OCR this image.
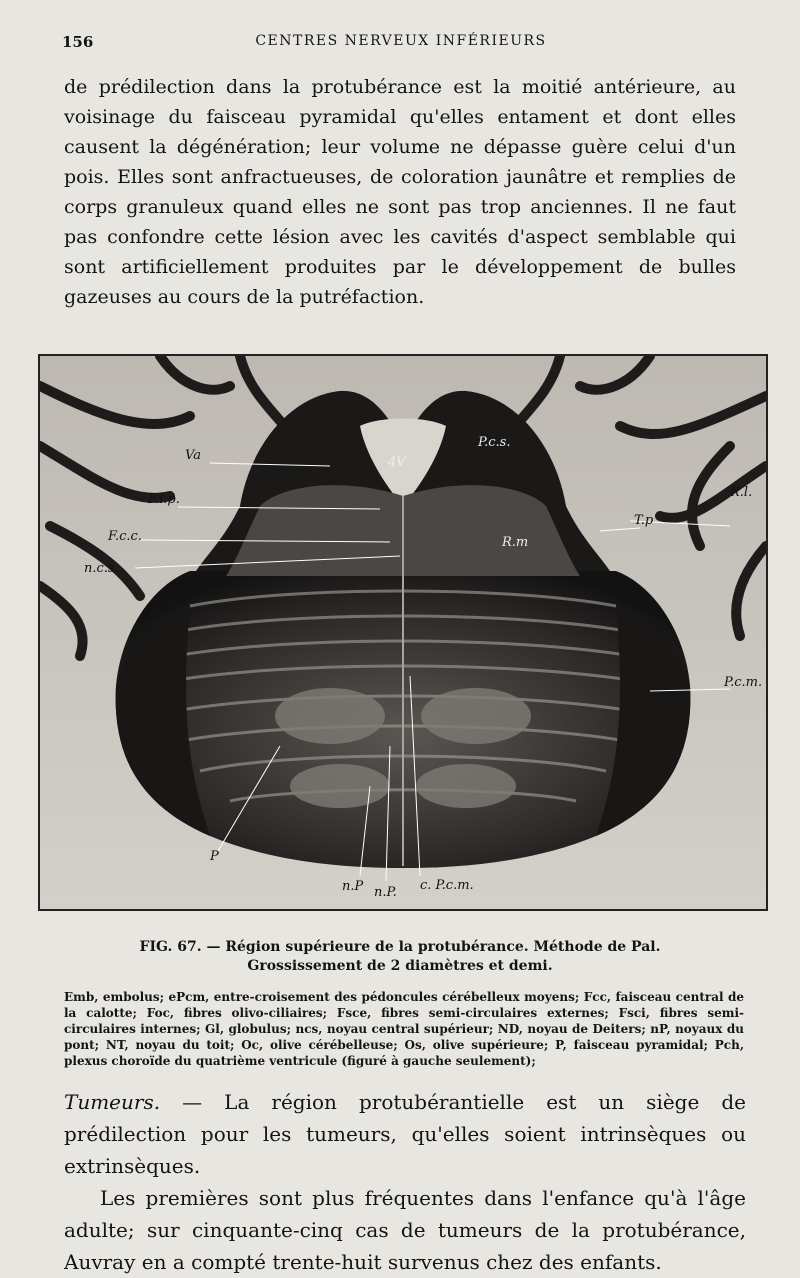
156	CENTRES NERVEUX INFÉRIEURS

de prédilection dans la protubérance est la moitié antérieure, au voisinage du faisceau pyramidal qu'elles entament et dont elles causent la dégénération; leur volume ne dépasse guère celui d'un pois. Elles sont anfractueuses, de coloration jaunâtre et remplies de corps granuleux quand elles ne sont pas trop anciennes. Il ne faut pas confondre cette lésion avec les cavités d'aspect semblable qui sont artificiellement produites par le développement de bulles gazeuses au cours de la putréfaction.

Va	4V
P.c.s.
F.l.p.	R.l.
T.p
F.c.c.	R.m
n.c.s.
P.c.m.
P
n.P n.P. c. P.c.m.
FIG. 67. — Région supérieure de la protubérance. Méthode de Pal.
Grossissement de 2 diamètres et demi.

Emb, embolus; ePcm, entre-croisement des pédoncules cérébelleux moyens; Fcc, faisceau central de la calotte; Foc, fibres olivo-ciliaires; Fsce, fibres semi-circulaires externes; Fsci, fibres semi-circulaires internes; Gl, globulus; ncs, noyau central supérieur; ND, noyau de Deiters; nP, noyaux du pont; NT, noyau du toit; Oc, olive cérébelleuse; Os, olive supérieure; P, faisceau pyramidal; Pch, plexus choroïde du quatrième ventricule (figuré à gauche seulement);

Tumeurs. — La région protubérantielle est un siège de prédilection pour les tumeurs, qu'elles soient intrinsèques ou extrinsèques.

Les premières sont plus fréquentes dans l'enfance qu'à l'âge adulte; sur cinquante-cinq cas de tumeurs de la protubérance, Auvray en a compté trente-huit survenus chez des enfants.
